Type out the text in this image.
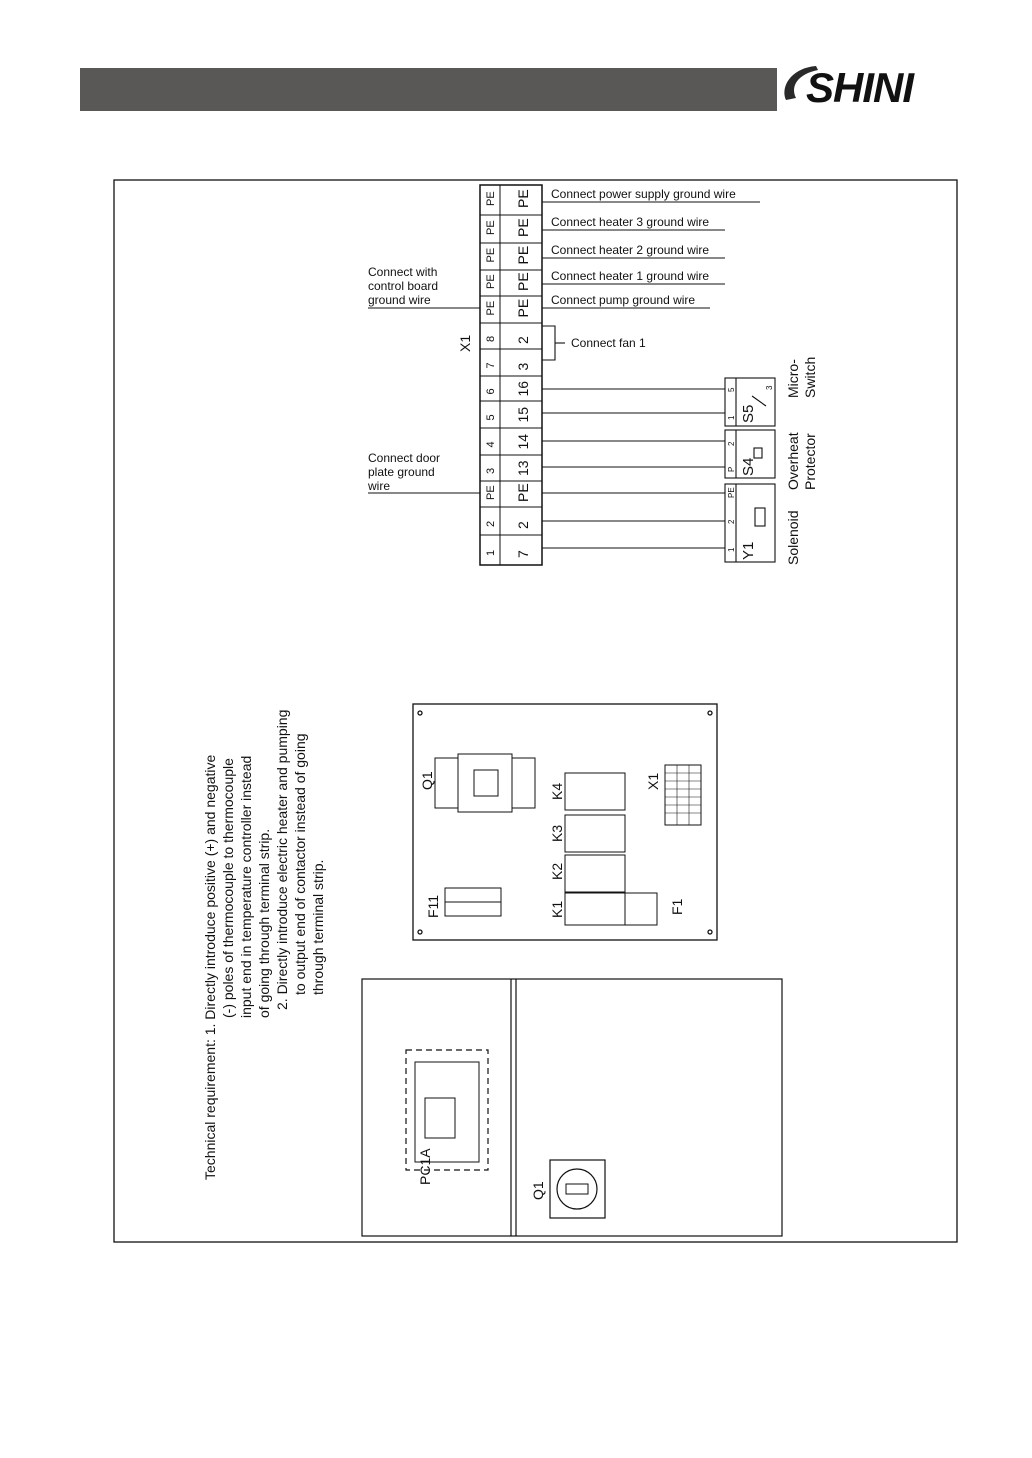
SHINI
PE PE
PE PE
PE PE
PE PE
PE PE
8 2
7 3
6 16
5 15
4 14
3 13
PE PE
2 2
1 7
X1
Connect power supply ground wire
Connect heater 3 ground wire
Connect heater 2 ground wire
Connect heater 1 ground wire
Connect pump ground wire
Connect fan 1
Connect with
control board
ground wire
Connect door
plate ground
wire
5
1 S5
3 Micro- Switch
2
P S4 Overheat Protector
PE
2
1 Y1 Solenoid
Technical requirement: 1. Directly introduce positive (+) and negative (-) poles of thermocouple to thermocouple input end in temperature controller instead of going through terminal strip. 2. Directly introduce electric heater and pumping to output end of contactor instead of going through terminal strip.
Q1
K4
K3
K2
K1
F11	F1
X1
PC1A
Q1
